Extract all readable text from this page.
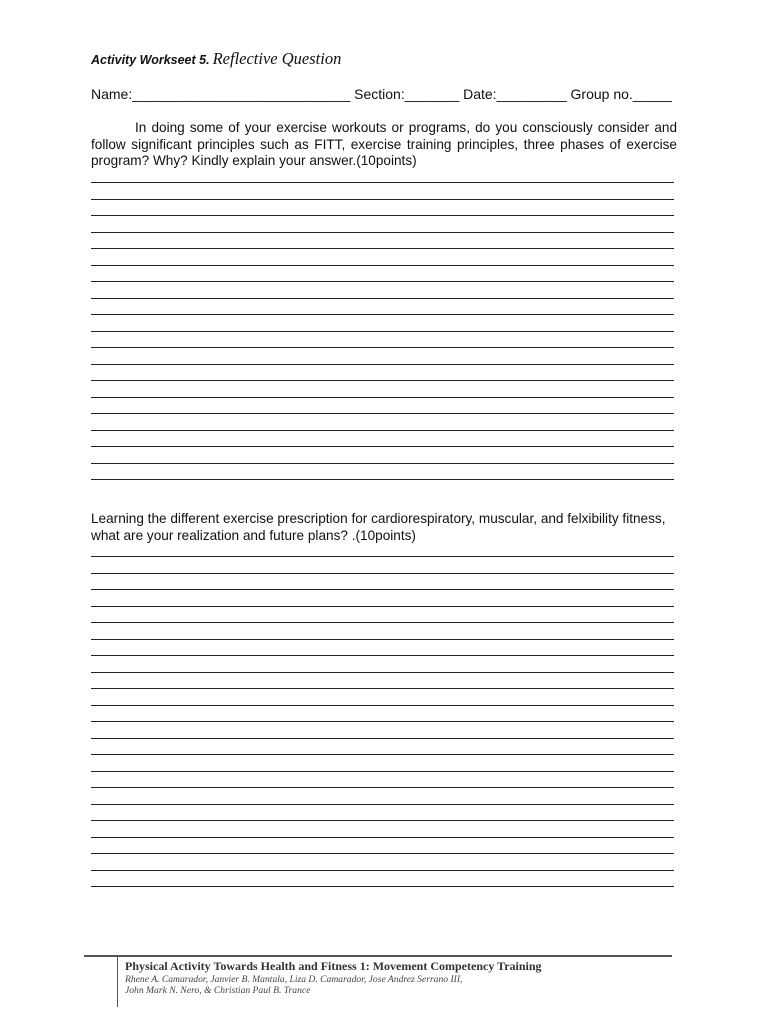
Activity Workseet 5. Reflective Question
Name:____________________________ Section:_______ Date:_________ Group no._____
In doing some of your exercise workouts or programs, do you consciously consider and follow significant principles such as FITT, exercise training principles, three phases of exercise program? Why? Kindly explain your answer.(10points)
Learning the different exercise prescription for cardiorespiratory, muscular, and felxibility fitness, what are your realization and future plans? .(10points)
Physical Activity Towards Health and Fitness 1: Movement Competency Training
Rhene A. Camarador, Janvier B. Mantala, Liza D. Camarador, Jose Andrez Serrano III,
John Mark N. Nero, & Christian Paul B. Trance
